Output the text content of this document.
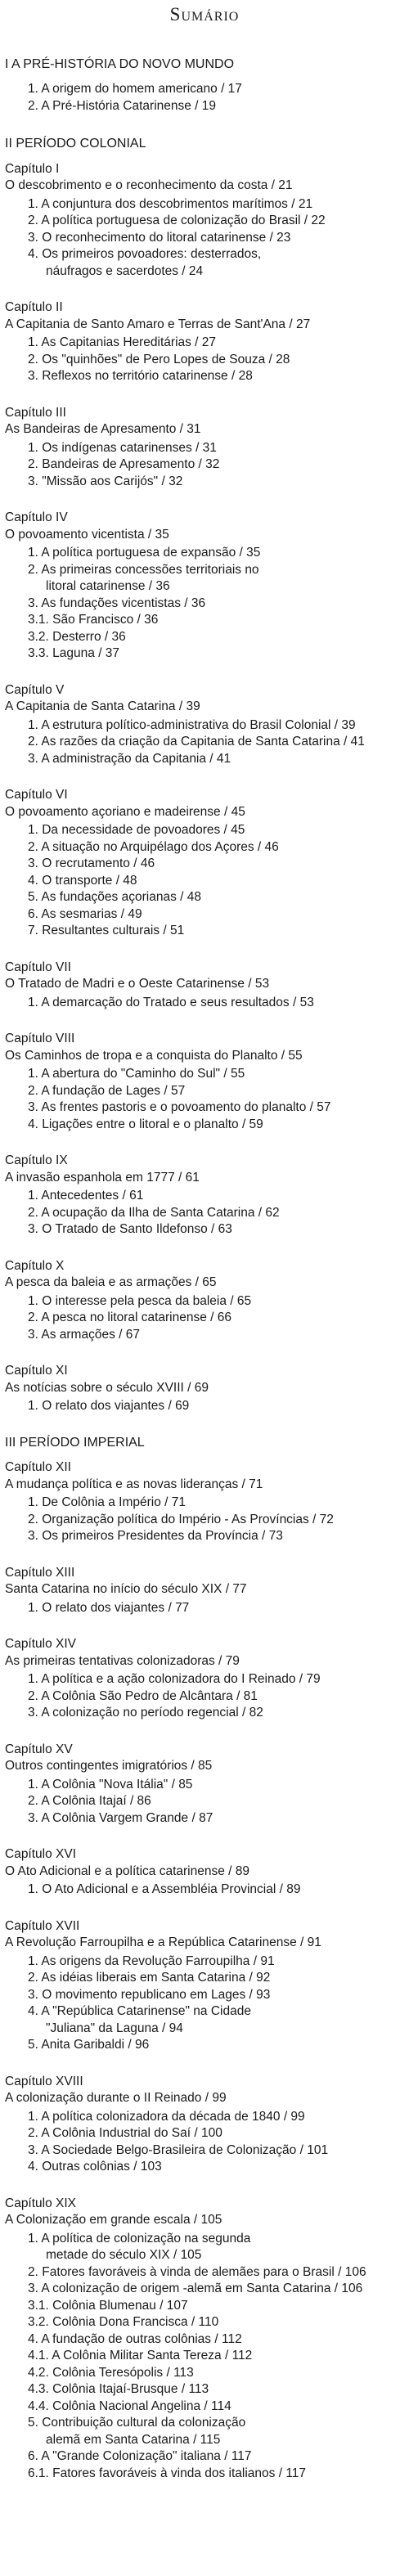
Sumário
I A PRÉ-HISTÓRIA DO NOVO MUNDO
1. A origem do homem americano / 17
2. A Pré-História Catarinense / 19
II PERÍODO COLONIAL
Capítulo I
O descobrimento e o reconhecimento da costa / 21
1. A conjuntura dos descobrimentos marítimos / 21
2. A política portuguesa de colonização do Brasil / 22
3. O reconhecimento do litoral catarinense / 23
4. Os primeiros povoadores: desterrados,
náufragos e sacerdotes / 24
Capítulo II
A Capitania de Santo Amaro e Terras de Sant'Ana / 27
1. As Capitanias Hereditárias / 27
2. Os "quinhões" de Pero Lopes de Souza / 28
3. Reflexos no território catarinense / 28
Capítulo III
As Bandeiras de Apresamento / 31
1. Os indígenas catarinenses / 31
2. Bandeiras de Apresamento / 32
3. "Missão aos Carijós" / 32
Capítulo IV
O povoamento vicentista / 35
1. A política portuguesa de expansão / 35
2. As primeiras concessões territoriais no
litoral catarinense / 36
3. As fundações vicentistas / 36
3.1. São Francisco / 36
3.2. Desterro / 36
3.3. Laguna / 37
Capítulo V
A Capitania de Santa Catarina / 39
1. A estrutura político-administrativa do Brasil Colonial / 39
2. As razões da criação da Capitania de Santa Catarina / 41
3. A administração da Capitania / 41
Capítulo VI
O povoamento açoriano e madeirense / 45
1. Da necessidade de povoadores / 45
2. A situação no Arquipélago dos Açores / 46
3. O recrutamento / 46
4. O transporte / 48
5. As fundações açorianas / 48
6. As sesmarias / 49
7. Resultantes culturais / 51
Capítulo VII
O Tratado de Madri e o Oeste Catarinense / 53
1. A demarcação do Tratado e seus resultados / 53
Capítulo VIII
Os Caminhos de tropa e a conquista do Planalto / 55
1. A abertura do "Caminho do Sul" / 55
2. A fundação de Lages / 57
3. As frentes pastoris e o povoamento do planalto / 57
4. Ligações entre o litoral e o planalto / 59
Capítulo IX
A invasão espanhola em 1777 / 61
1. Antecedentes / 61
2. A ocupação da Ilha de Santa Catarina / 62
3. O Tratado de Santo Ildefonso / 63
Capítulo X
A pesca da baleia e as armações / 65
1. O interesse pela pesca da baleia / 65
2. A pesca no litoral catarinense / 66
3. As armações / 67
Capítulo XI
As notícias sobre o século XVIII / 69
1. O relato dos viajantes / 69
III PERÍODO IMPERIAL
Capítulo XII
A mudança política e as novas lideranças / 71
1. De Colônia a Império / 71
2. Organização política do Império - As Províncias / 72
3. Os primeiros Presidentes da Província / 73
Capítulo XIII
Santa Catarina no início do século XIX / 77
1. O relato dos viajantes / 77
Capítulo XIV
As primeiras tentativas colonizadoras / 79
1. A política e a ação colonizadora do I Reinado / 79
2. A Colônia São Pedro de Alcântara / 81
3. A colonização no período regencial / 82
Capítulo XV
Outros contingentes imigratórios / 85
1. A Colônia "Nova Itália" / 85
2. A Colônia Itajaí / 86
3. A Colônia Vargem Grande / 87
Capítulo XVI
O Ato Adicional e a política catarinense / 89
1. O Ato Adicional e a Assembléia Provincial / 89
Capítulo XVII
A Revolução Farroupilha e a República Catarinense / 91
1. As origens da Revolução Farroupilha / 91
2. As idéias liberais em Santa Catarina / 92
3. O movimento republicano em Lages / 93
4. A "República Catarinense" na Cidade
"Juliana" da Laguna / 94
5. Anita Garibaldi / 96
Capítulo XVIII
A colonização durante o II Reinado / 99
1. A política colonizadora da década de 1840 / 99
2. A Colônia Industrial do Saí / 100
3. A Sociedade Belgo-Brasileira de Colonização / 101
4. Outras colônias / 103
Capítulo XIX
A Colonização em grande escala / 105
1. A política de colonização na segunda
metade do século XIX / 105
2. Fatores favoráveis à vinda de alemães para o Brasil / 106
3. A colonização de origem -alemã em Santa Catarina / 106
3.1. Colônia Blumenau / 107
3.2. Colônia Dona Francisca / 110
4. A fundação de outras colônias / 112
4.1. A Colônia Militar Santa Tereza / 112
4.2. Colônia Teresópolis / 113
4.3. Colônia Itajaí-Brusque / 113
4.4. Colônia Nacional Angelina / 114
5. Contribuição cultural da colonização
alemã em Santa Catarina / 115
6. A "Grande Colonização" italiana / 117
6.1. Fatores favoráveis à vinda dos italianos / 117
